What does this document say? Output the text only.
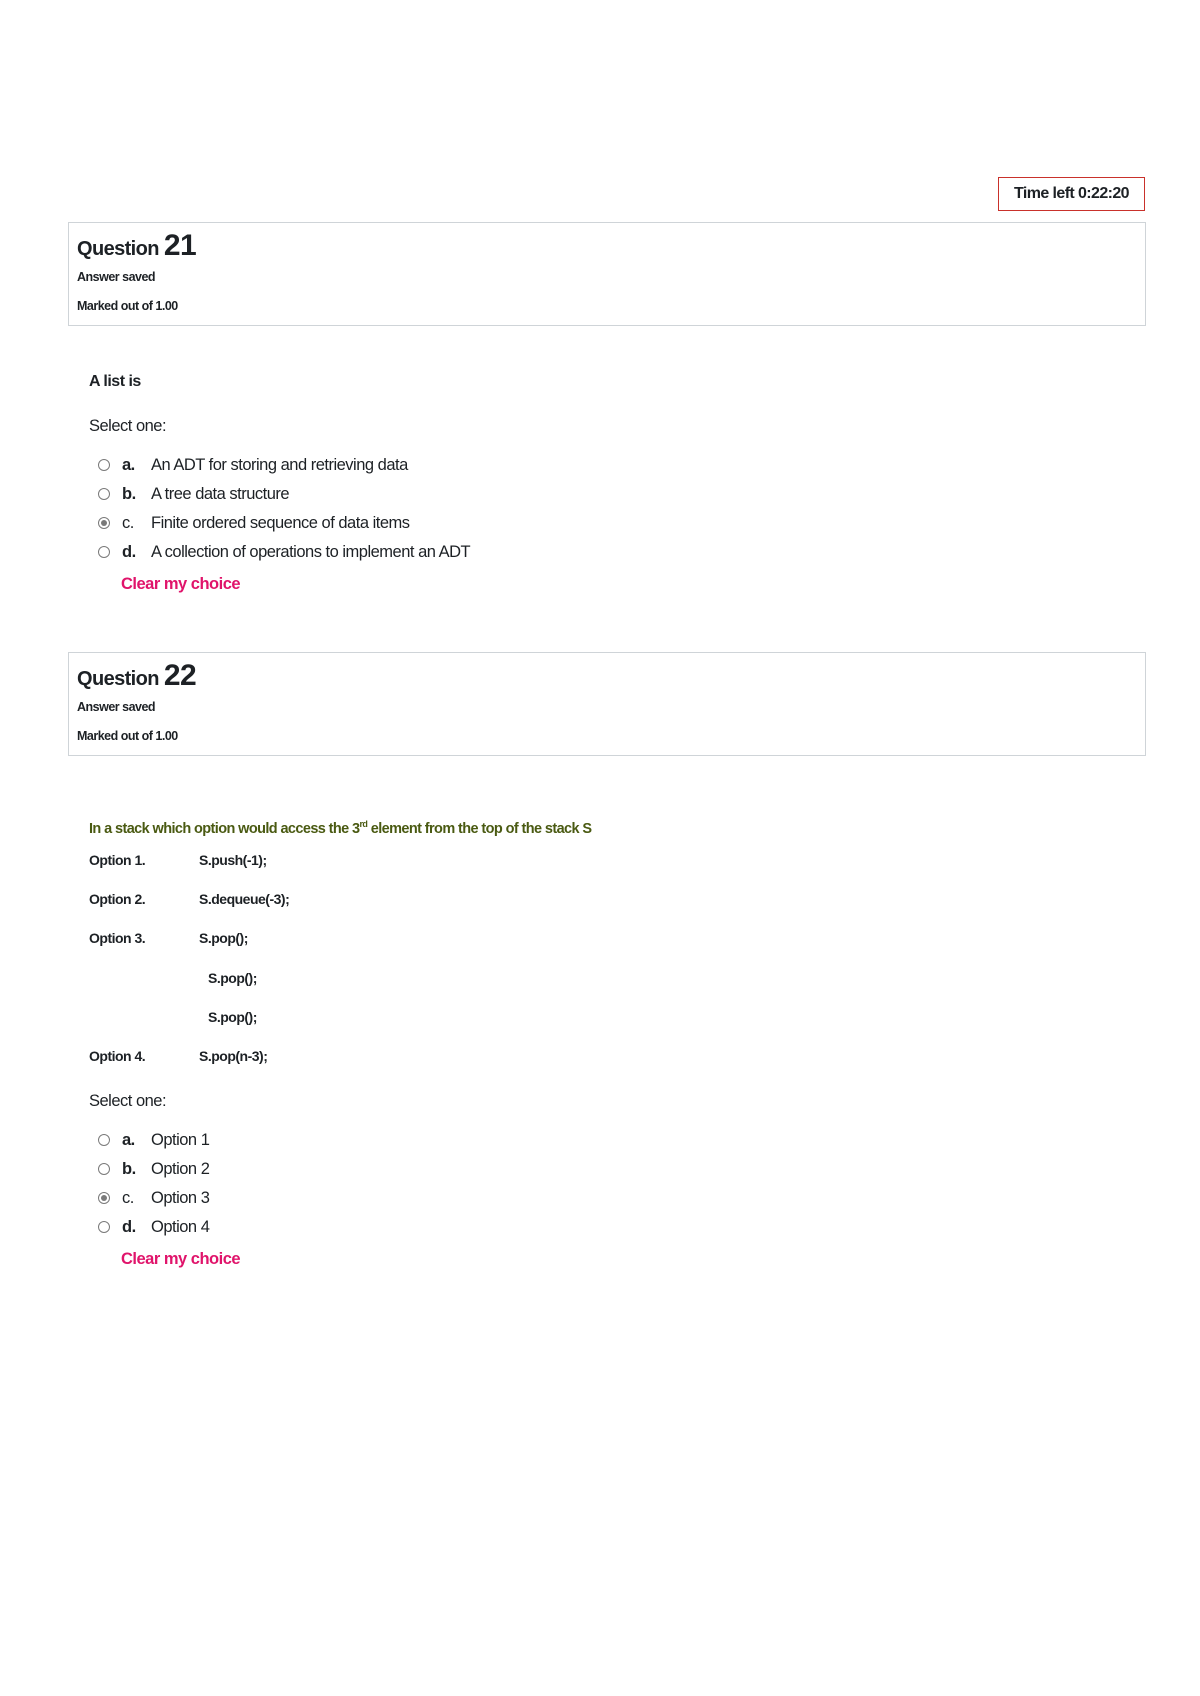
Time left 0:22:20
Question 21
Answer saved
Marked out of 1.00
A list is
Select one:
a. An ADT for storing and retrieving data
b. A tree data structure
c.	Finite ordered sequence of data items
d. A collection of operations to implement an ADT
Clear my choice
Question 22
Answer saved
Marked out of 1.00
In a stack which option would access the 3rd element from the top of the stack S
Option 1.	S.push(-1);
Option 2.	S.dequeue(-3);
Option 3.	S.pop();
S.pop();
S.pop();
Option 4.	S.pop(n-3);
Select one:
a. Option 1
b. Option 2
c.	Option 3
d. Option 4
Clear my choice
